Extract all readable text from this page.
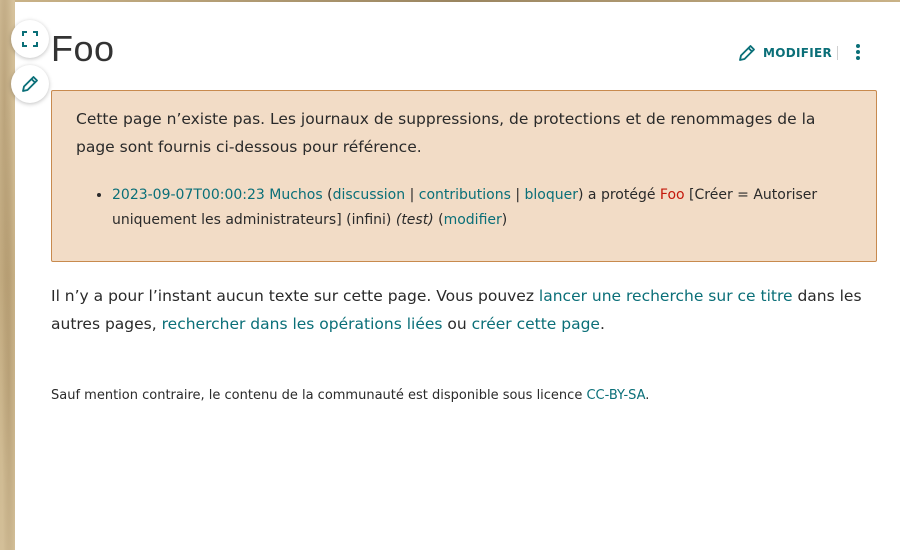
Foo	MODIFIER

Cette page n’existe pas. Les journaux de suppressions, de protections et de renommages de la page sont fournis ci-dessous pour référence.

• 2023-09-07T00:00:23 Muchos (discussion | contributions | bloquer) a protégé Foo [Créer = Autoriser uniquement les administrateurs] (infini) (test) (modifier)

Il n’y a pour l’instant aucun texte sur cette page. Vous pouvez lancer une recherche sur ce titre dans les autres pages, rechercher dans les opérations liées ou créer cette page.

Sauf mention contraire, le contenu de la communauté est disponible sous licence CC-BY-SA.
